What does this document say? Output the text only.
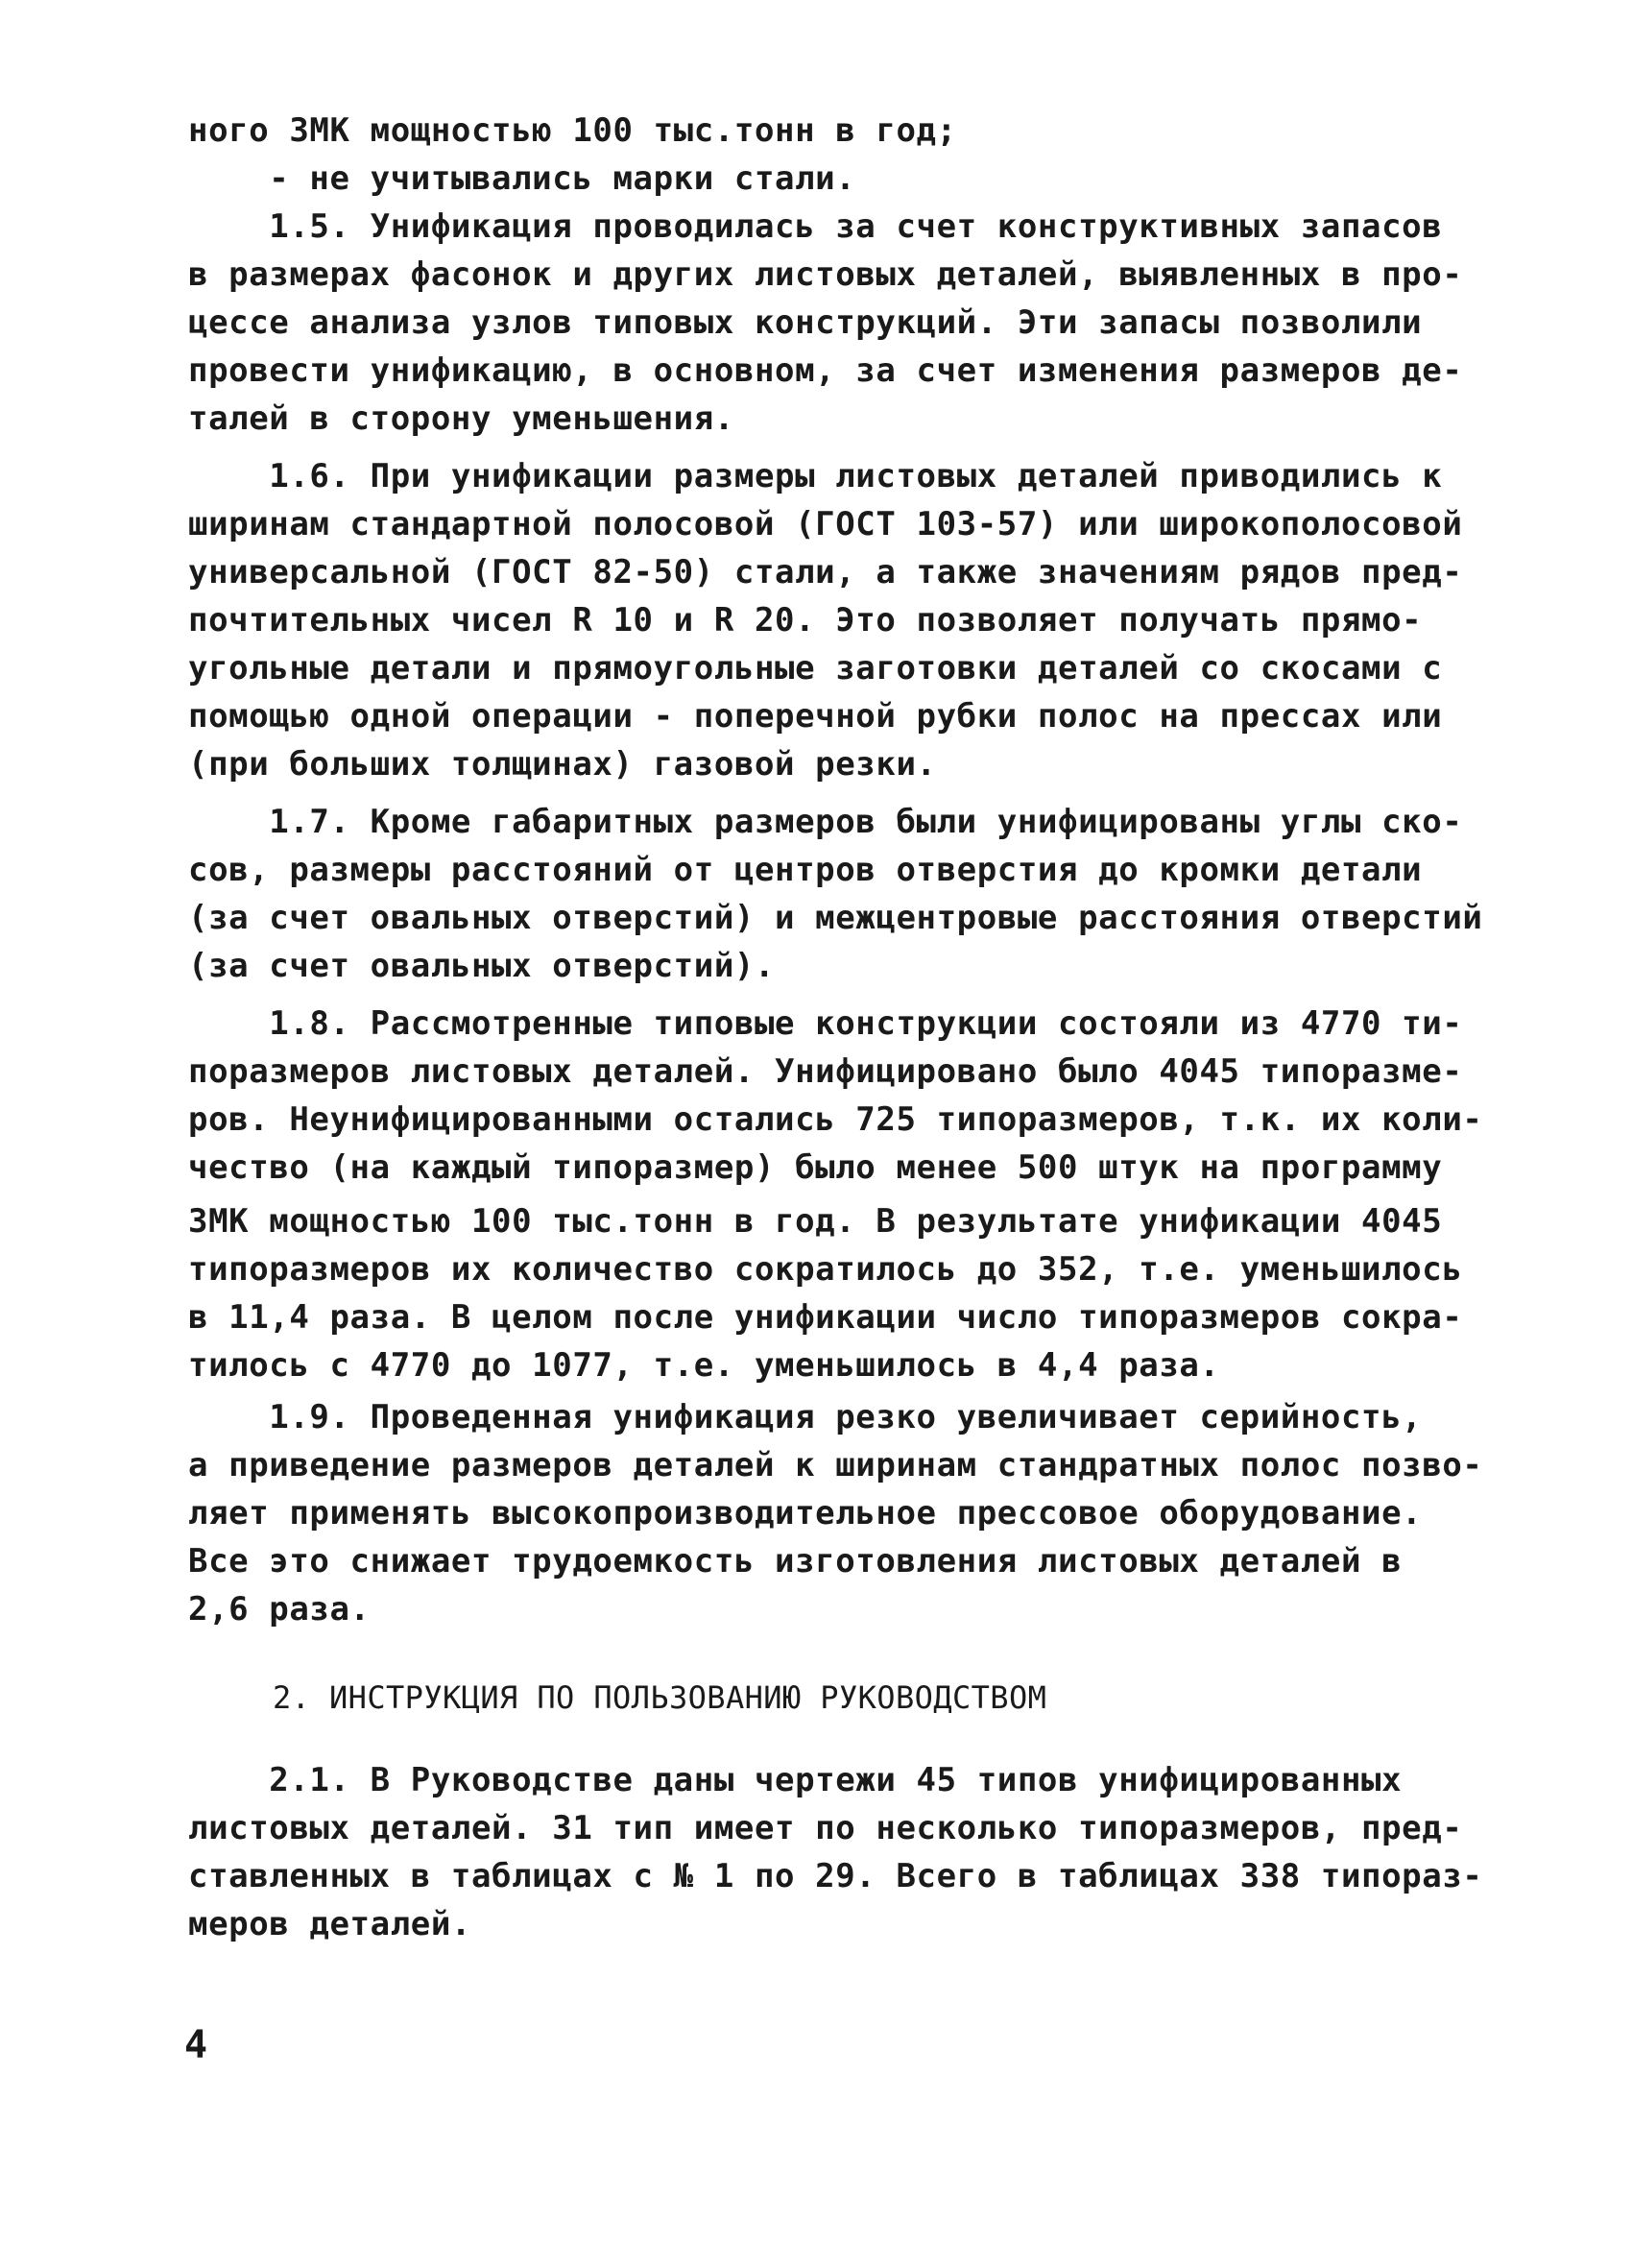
ного ЗМК мощностью 100 тыс.тонн в год;
- не учитывались марки стали.
1.5. Унификация проводилась за счет конструктивных запасов
в размерах фасонок и других листовых деталей, выявленных в про-
цессе анализа узлов типовых конструкций. Эти запасы позволили
провести унификацию, в основном, за счет изменения размеров де-
талей в сторону уменьшения.
1.6. При унификации размеры листовых деталей приводились к
ширинам стандартной полосовой (ГОСТ 103-57) или широкополосовой
универсальной (ГОСТ 82-50) стали, а также значениям рядов пред-
почтительных чисел R 10 и R 20. Это позволяет получать прямо-
угольные детали и прямоугольные заготовки деталей со скосами с
помощью одной операции - поперечной рубки полос на прессах или
(при больших толщинах) газовой резки.
1.7. Кроме габаритных размеров были унифицированы углы ско-
сов, размеры расстояний от центров отверстия до кромки детали
(за счет овальных отверстий) и межцентровые расстояния отверстий
(за счет овальных отверстий).
1.8. Рассмотренные типовые конструкции состояли из 4770 ти-
поразмеров листовых деталей. Унифицировано было 4045 типоразме-
ров. Неунифицированными остались 725 типоразмеров, т.к. их коли-
чество (на каждый типоразмер) было менее 500 штук на программу
ЗМК мощностью 100 тыс.тонн в год. В результате унификации 4045
типоразмеров их количество сократилось до 352, т.е. уменьшилось
в 11,4 раза. В целом после унификации число типоразмеров сокра-
тилось с 4770 до 1077, т.е. уменьшилось в 4,4 раза.
1.9. Проведенная унификация резко увеличивает серийность,
а приведение размеров деталей к ширинам стандратных полос позво-
ляет применять высокопроизводительное прессовое оборудование.
Все это снижает трудоемкость изготовления листовых деталей в
2,6 раза.
2. ИНСТРУКЦИЯ ПО ПОЛЬЗОВАНИЮ РУКОВОДСТВОМ
2.1. В Руководстве даны чертежи 45 типов унифицированных
листовых деталей. 31 тип имеет по несколько типоразмеров, пред-
ставленных в таблицах с № 1 по 29. Всего в таблицах 338 типораз-
меров деталей.
4
